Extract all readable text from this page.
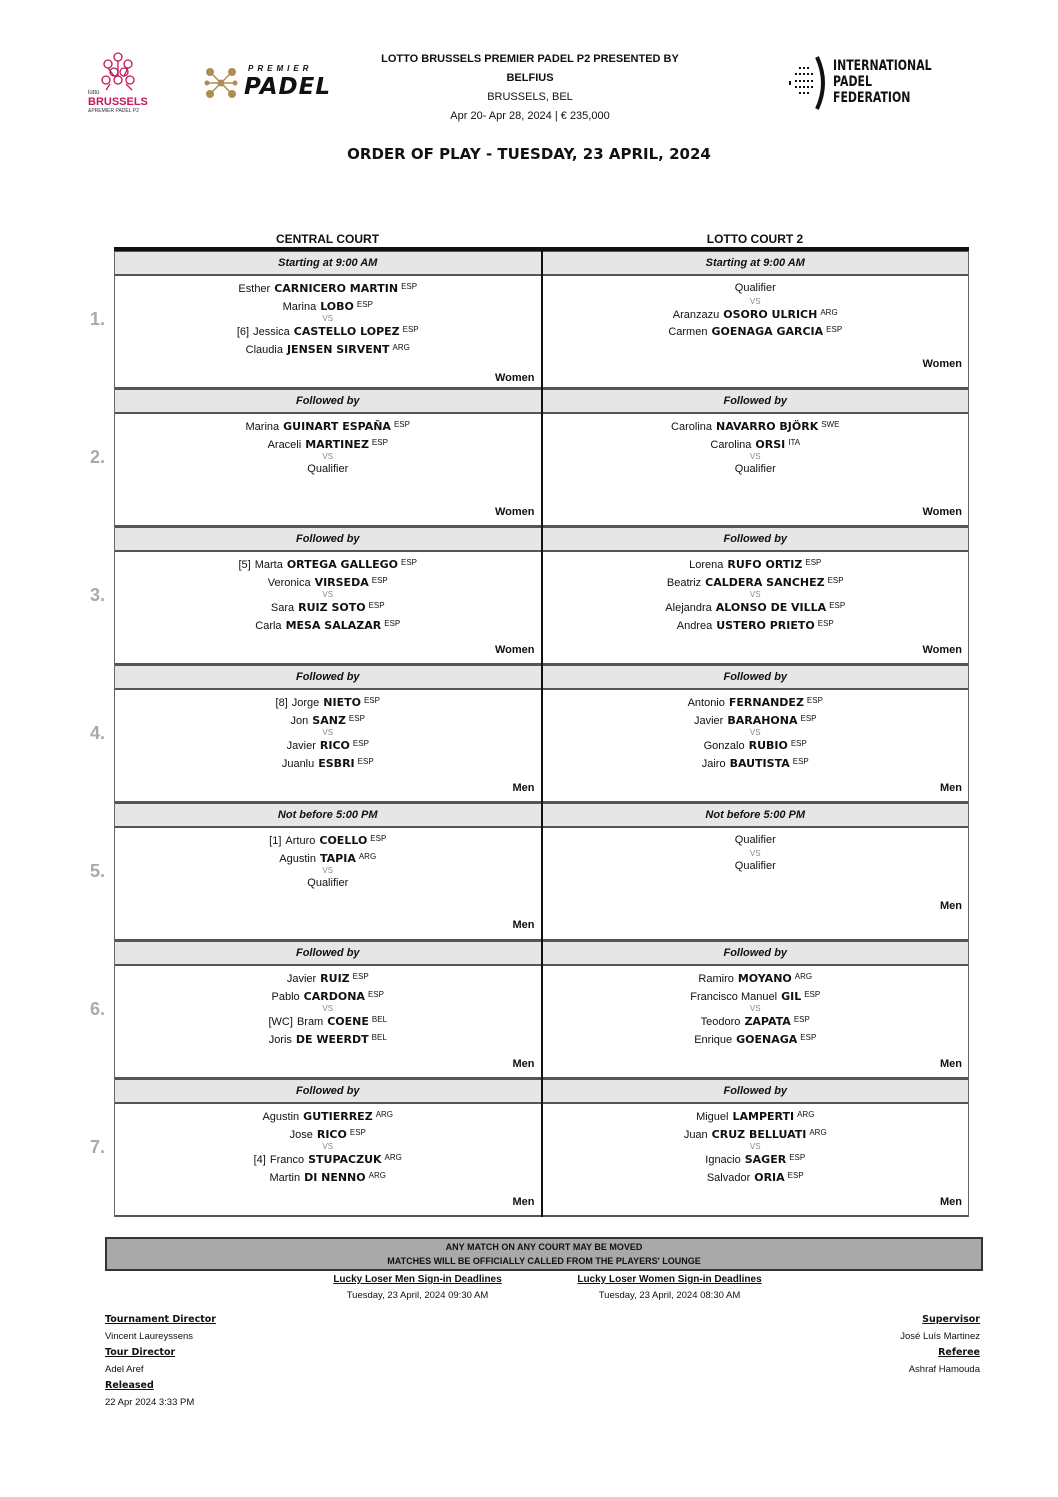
lotto
BRUSSELS
&PREMIER PADEL P2
PREMIER
PADEL
INTERNATIONAL
PADEL
FEDERATION
LOTTO BRUSSELS PREMIER PADEL P2 PRESENTED BY
BELFIUS
BRUSSELS, BEL
Apr 20- Apr 28, 2024 | € 235,000
ORDER OF PLAY - TUESDAY, 23 APRIL, 2024
CENTRAL COURT	LOTTO COURT 2
1.
Starting at 9:00 AM
Esther CARNICERO MARTIN $^{ESP}$
Marina LOBO $^{ESP}$
VS
[6] Jessica CASTELLO LOPEZ $^{ESP}$
Claudia JENSEN SIRVENT $^{ARG}$
Women
Starting at 9:00 AM
Qualifier
VS
Aranzazu OSORO ULRICH $^{ARG}$
Carmen GOENAGA GARCIA $^{ESP}$
Women
2.
Followed by
Marina GUINART ESPAÑA $^{ESP}$
Araceli MARTINEZ $^{ESP}$
VS
Qualifier
Women
Followed by
Carolina NAVARRO BJÖRK $^{SWE}$
Carolina ORSI $^{ITA}$
VS
Qualifier
Women
3.
Followed by
[5] Marta ORTEGA GALLEGO $^{ESP}$
Veronica VIRSEDA $^{ESP}$
VS
Sara RUIZ SOTO $^{ESP}$
Carla MESA SALAZAR $^{ESP}$
Women
Followed by
Lorena RUFO ORTIZ $^{ESP}$
Beatriz CALDERA SANCHEZ $^{ESP}$
VS
Alejandra ALONSO DE VILLA $^{ESP}$
Andrea USTERO PRIETO $^{ESP}$
Women
4.
Followed by
[8] Jorge NIETO $^{ESP}$
Jon SANZ $^{ESP}$
VS
Javier RICO $^{ESP}$
Juanlu ESBRI $^{ESP}$
Men
Followed by
Antonio FERNANDEZ $^{ESP}$
Javier BARAHONA $^{ESP}$
VS
Gonzalo RUBIO $^{ESP}$
Jairo BAUTISTA $^{ESP}$
Men
5.
Not before 5:00 PM
[1] Arturo COELLO $^{ESP}$
Agustin TAPIA $^{ARG}$
VS
Qualifier
Men
Not before 5:00 PM
Qualifier
VS
Qualifier
Men
6.
Followed by
Javier RUIZ $^{ESP}$
Pablo CARDONA $^{ESP}$
VS
[WC] Bram COENE $^{BEL}$
Joris DE WEERDT $^{BEL}$
Men
Followed by
Ramiro MOYANO $^{ARG}$
Francisco Manuel GIL $^{ESP}$
VS
Teodoro ZAPATA $^{ESP}$
Enrique GOENAGA $^{ESP}$
Men
7.
Followed by
Agustin GUTIERREZ $^{ARG}$
Jose RICO $^{ESP}$
VS
[4] Franco STUPACZUK $^{ARG}$
Martin DI NENNO $^{ARG}$
Men
Followed by
Miguel LAMPERTI $^{ARG}$
Juan CRUZ BELLUATI $^{ARG}$
VS
Ignacio SAGER $^{ESP}$
Salvador ORIA $^{ESP}$
Men
ANY MATCH ON ANY COURT MAY BE MOVED
MATCHES WILL BE OFFICIALLY CALLED FROM THE PLAYERS' LOUNGE
Lucky Loser Men Sign-in Deadlines
Tuesday, 23 April, 2024 09:30 AM
Lucky Loser Women Sign-in Deadlines
Tuesday, 23 April, 2024 08:30 AM
Tournament Director
Vincent Laureyssens
Tour Director
Adel Aref
Released
22 Apr 2024 3:33 PM
Supervisor
José Luís Martinez
Referee
Ashraf Hamouda
